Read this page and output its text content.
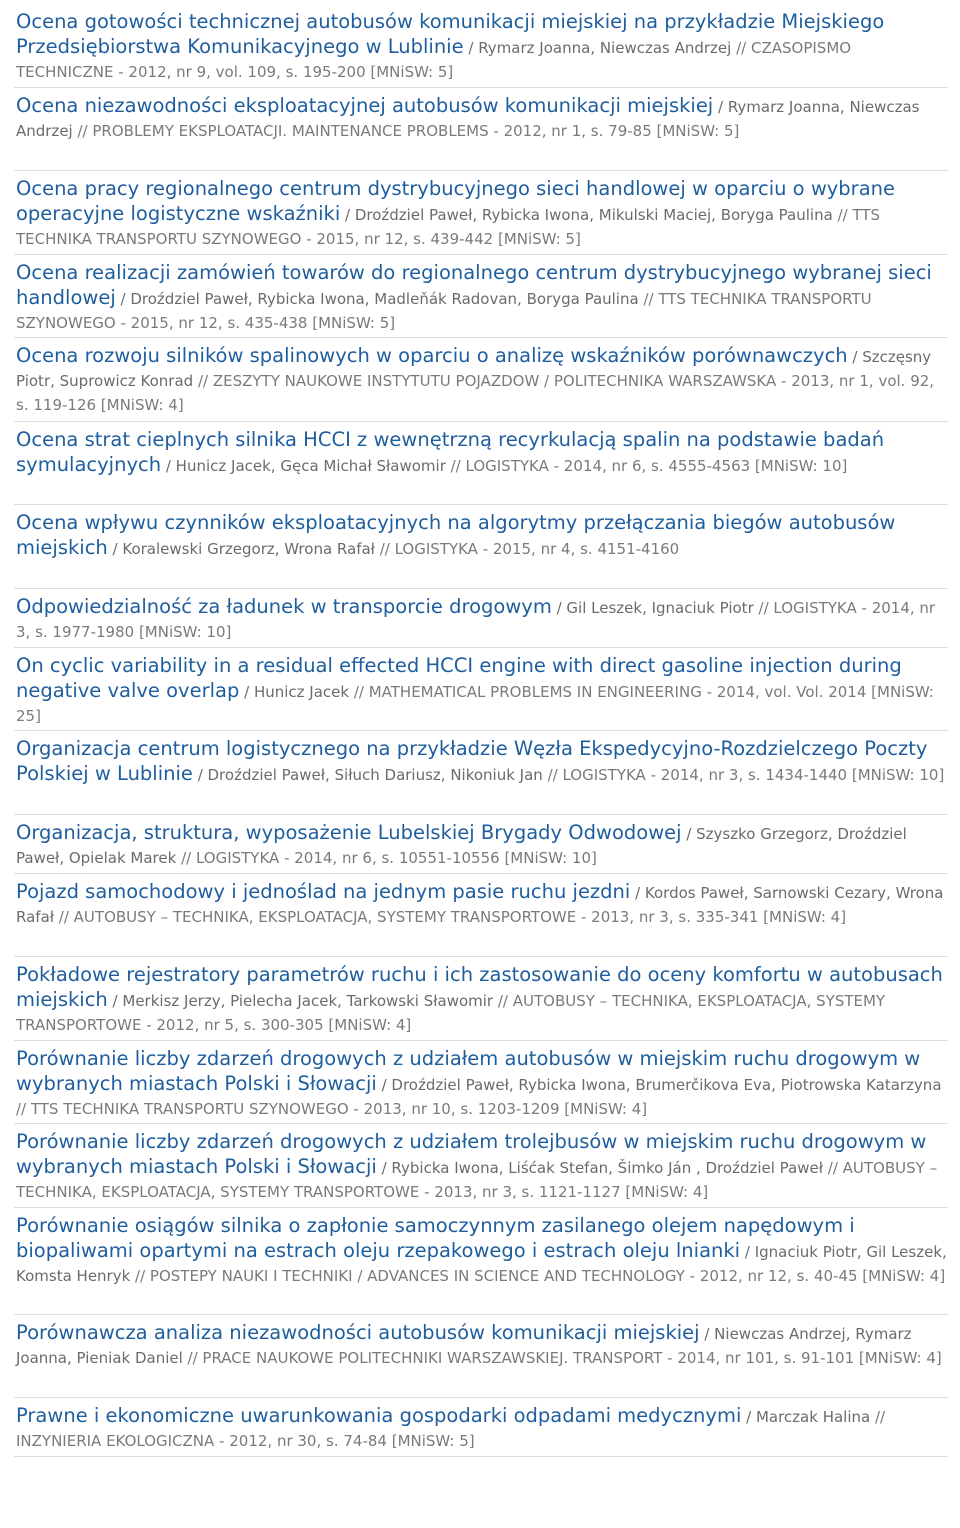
Ocena gotowości technicznej autobusów komunikacji miejskiej na przykładzie Miejskiego Przedsiębiorstwa Komunikacyjnego w Lublinie / Rymarz Joanna, Niewczas Andrzej // CZASOPISMO TECHNICZNE - 2012, nr 9, vol. 109, s. 195-200 [MNiSW: 5]
Ocena niezawodności eksploatacyjnej autobusów komunikacji miejskiej / Rymarz Joanna, Niewczas Andrzej // PROBLEMY EKSPLOATACJI. MAINTENANCE PROBLEMS - 2012, nr 1, s. 79-85 [MNiSW: 5]
Ocena pracy regionalnego centrum dystrybucyjnego sieci handlowej w oparciu o wybrane operacyjne logistyczne wskaźniki / Droździel Paweł, Rybicka Iwona, Mikulski Maciej, Boryga Paulina // TTS TECHNIKA TRANSPORTU SZYNOWEGO - 2015, nr 12, s. 439-442 [MNiSW: 5]
Ocena realizacji zamówień towarów do regionalnego centrum dystrybucyjnego wybranej sieci handlowej / Droździel Paweł, Rybicka Iwona, Madleňák Radovan, Boryga Paulina // TTS TECHNIKA TRANSPORTU SZYNOWEGO - 2015, nr 12, s. 435-438 [MNiSW: 5]
Ocena rozwoju silników spalinowych w oparciu o analizę wskaźników porównawczych / Szczęsny Piotr, Suprowicz Konrad // ZESZYTY NAUKOWE INSTYTUTU POJAZDOW / POLITECHNIKA WARSZAWSKA - 2013, nr 1, vol. 92, s. 119-126 [MNiSW: 4]
Ocena strat cieplnych silnika HCCI z wewnętrzną recyrkulacją spalin na podstawie badań symulacyjnych / Hunicz Jacek, Gęca Michał Sławomir // LOGISTYKA - 2014, nr 6, s. 4555-4563 [MNiSW: 10]
Ocena wpływu czynników eksploatacyjnych na algorytmy przełączania biegów autobusów miejskich / Koralewski Grzegorz, Wrona Rafał // LOGISTYKA - 2015, nr 4, s. 4151-4160
Odpowiedzialność za ładunek w transporcie drogowym / Gil Leszek, Ignaciuk Piotr // LOGISTYKA - 2014, nr 3, s. 1977-1980 [MNiSW: 10]
On cyclic variability in a residual effected HCCI engine with direct gasoline injection during negative valve overlap / Hunicz Jacek // MATHEMATICAL PROBLEMS IN ENGINEERING - 2014, vol. Vol. 2014 [MNiSW: 25]
Organizacja centrum logistycznego na przykładzie Węzła Ekspedycyjno-Rozdzielczego Poczty Polskiej w Lublinie / Droździel Paweł, Siłuch Dariusz, Nikoniuk Jan // LOGISTYKA - 2014, nr 3, s. 1434-1440 [MNiSW: 10]
Organizacja, struktura, wyposażenie Lubelskiej Brygady Odwodowej / Szyszko Grzegorz, Droździel Paweł, Opielak Marek // LOGISTYKA - 2014, nr 6, s. 10551-10556 [MNiSW: 10]
Pojazd samochodowy i jednoślad na jednym pasie ruchu jezdni / Kordos Paweł, Sarnowski Cezary, Wrona Rafał // AUTOBUSY – TECHNIKA, EKSPLOATACJA, SYSTEMY TRANSPORTOWE - 2013, nr 3, s. 335-341 [MNiSW: 4]
Pokładowe rejestratory parametrów ruchu i ich zastosowanie do oceny komfortu w autobusach miejskich / Merkisz Jerzy, Pielecha Jacek, Tarkowski Sławomir // AUTOBUSY – TECHNIKA, EKSPLOATACJA, SYSTEMY TRANSPORTOWE - 2012, nr 5, s. 300-305 [MNiSW: 4]
Porównanie liczby zdarzeń drogowych z udziałem autobusów w miejskim ruchu drogowym w wybranych miastach Polski i Słowacji / Droździel Paweł, Rybicka Iwona, Brumerčikova Eva, Piotrowska Katarzyna // TTS TECHNIKA TRANSPORTU SZYNOWEGO - 2013, nr 10, s. 1203-1209 [MNiSW: 4]
Porównanie liczby zdarzeń drogowych z udziałem trolejbusów w miejskim ruchu drogowym w wybranych miastach Polski i Słowacji / Rybicka Iwona, Liśćak Stefan, Šimko Ján , Droździel Paweł // AUTOBUSY – TECHNIKA, EKSPLOATACJA, SYSTEMY TRANSPORTOWE - 2013, nr 3, s. 1121-1127 [MNiSW: 4]
Porównanie osiągów silnika o zapłonie samoczynnym zasilanego olejem napędowym i biopaliwami opartymi na estrach oleju rzepakowego i estrach oleju lnianki / Ignaciuk Piotr, Gil Leszek, Komsta Henryk // POSTEPY NAUKI I TECHNIKI / ADVANCES IN SCIENCE AND TECHNOLOGY - 2012, nr 12, s. 40-45 [MNiSW: 4]
Porównawcza analiza niezawodności autobusów komunikacji miejskiej / Niewczas Andrzej, Rymarz Joanna, Pieniak Daniel // PRACE NAUKOWE POLITECHNIKI WARSZAWSKIEJ. TRANSPORT - 2014, nr 101, s. 91-101 [MNiSW: 4]
Prawne i ekonomiczne uwarunkowania gospodarki odpadami medycznymi / Marczak Halina // INZYNIERIA EKOLOGICZNA - 2012, nr 30, s. 74-84 [MNiSW: 5]
